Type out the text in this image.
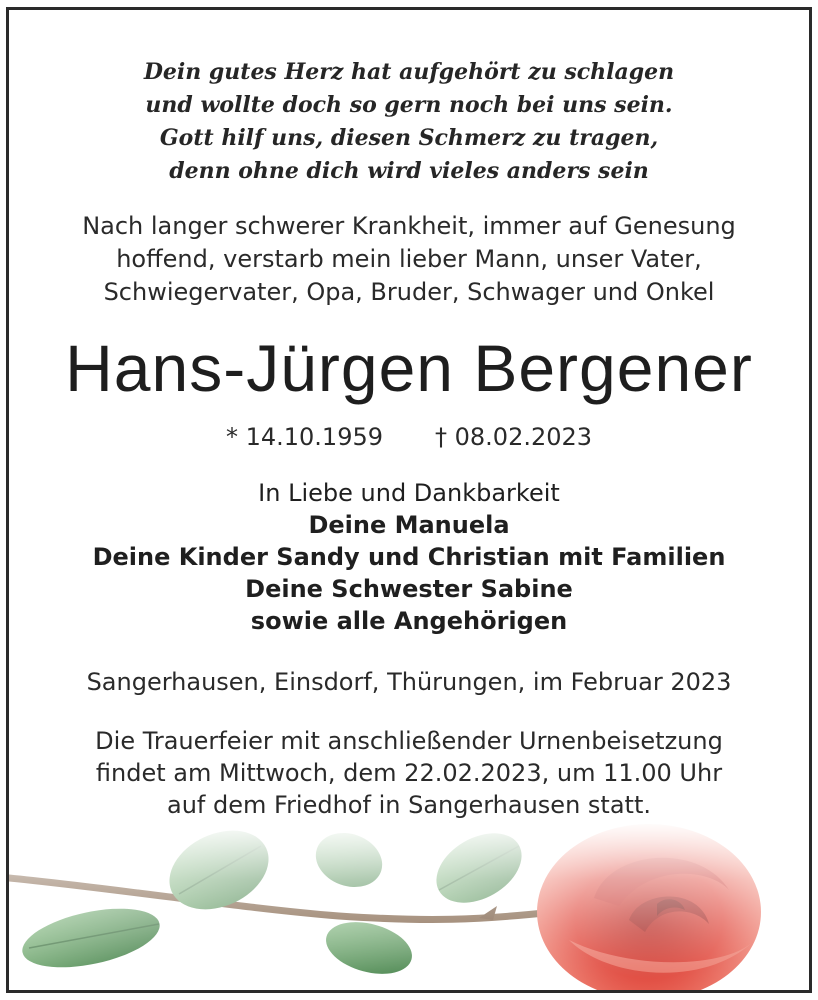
Dein gutes Herz hat aufgehört zu schlagen
und wollte doch so gern noch bei uns sein.
Gott hilf uns, diesen Schmerz zu tragen,
denn ohne dich wird vieles anders sein
Nach langer schwerer Krankheit, immer auf Genesung
hoffend, verstarb mein lieber Mann, unser Vater,
Schwiegervater, Opa, Bruder, Schwager und Onkel
Hans-Jürgen Bergener
* 14.10.1959 † 08.02.2023
In Liebe und Dankbarkeit
Deine Manuela
Deine Kinder Sandy und Christian mit Familien
Deine Schwester Sabine
sowie alle Angehörigen
Sangerhausen, Einsdorf, Thürungen, im Februar 2023
Die Trauerfeier mit anschließender Urnenbeisetzung
findet am Mittwoch, dem 22.02.2023, um 11.00 Uhr
auf dem Friedhof in Sangerhausen statt.
